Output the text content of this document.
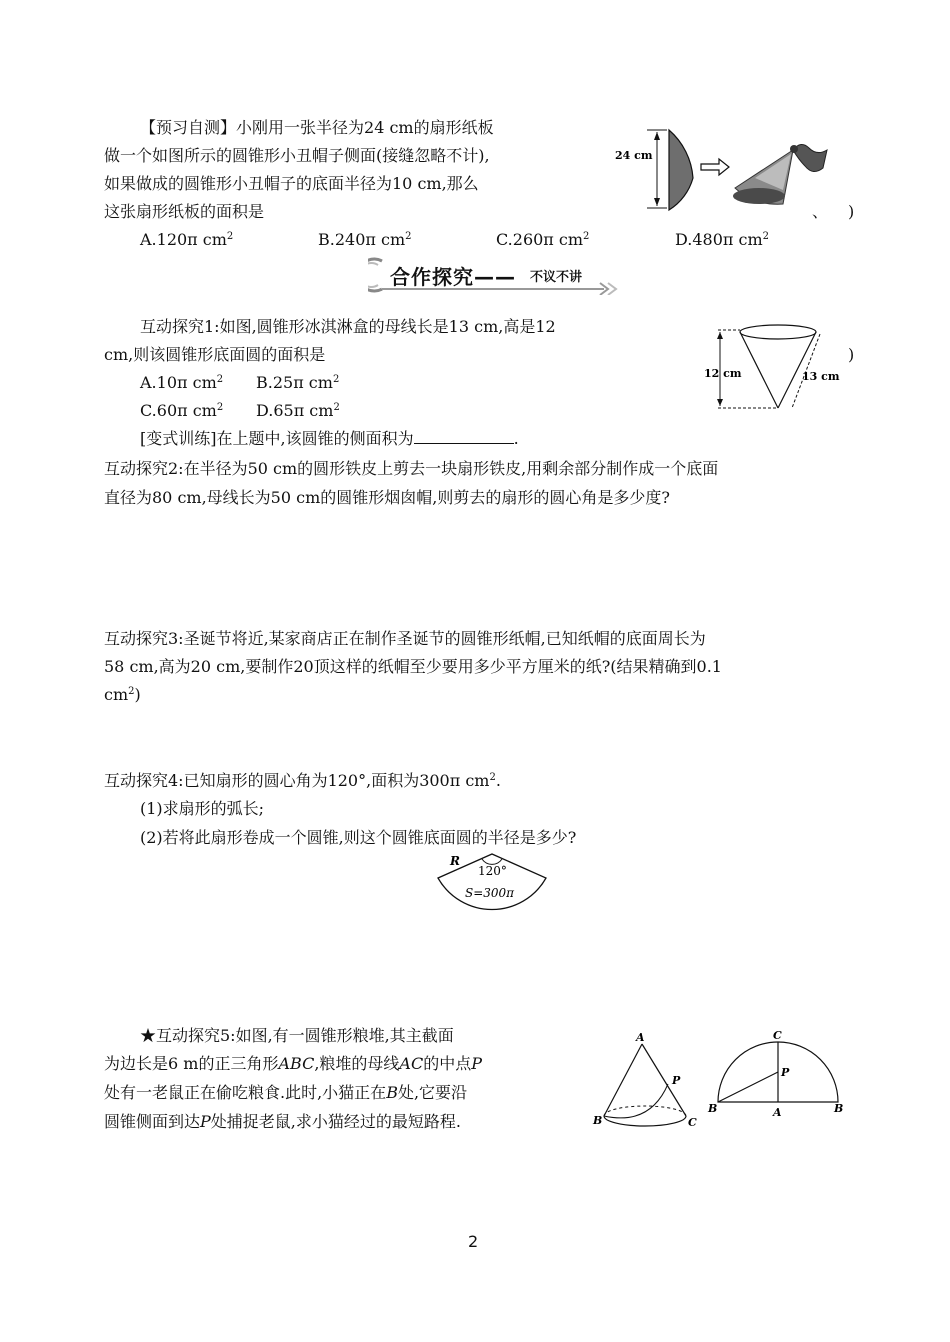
【预习自测】小刚用一张半径为24 cm的扇形纸板
做一个如图所示的圆锥形小丑帽子侧面(接缝忽略不计),
如果做成的圆锥形小丑帽子的底面半径为10 cm,那么
这张扇形纸板的面积是	、 )
A.120π $cm^2$	B.240π $cm^2$	C.260π $cm^2$	D.480π $cm^2$
24 cm
合作探究—— 不议不讲
互动探究1:如图,圆锥形冰淇淋盒的母线长是13 cm,高是12
cm,则该圆锥形底面圆的面积是	)
A.10π $cm^2$ B.25π $cm^2$
C.60π $cm^2$ D.65π $cm^2$
[变式训练]在上题中,该圆锥的侧面积为	.
12 cm	13 cm
互动探究2:在半径为50 cm的圆形铁皮上剪去一块扇形铁皮,用剩余部分制作成一个底面
直径为80 cm,母线长为50 cm的圆锥形烟囱帽,则剪去的扇形的圆心角是多少度?
互动探究3:圣诞节将近,某家商店正在制作圣诞节的圆锥形纸帽,已知纸帽的底面周长为
58 cm,高为20 cm,要制作20顶这样的纸帽至少要用多少平方厘米的纸?(结果精确到0.1
$cm^2$)
互动探究4:已知扇形的圆心角为120°,面积为300π $cm^2$.
(1)求扇形的弧长;
(2)若将此扇形卷成一个圆锥,则这个圆锥底面圆的半径是多少?
R
120°
S=300π
★互动探究5:如图,有一圆锥形粮堆,其主截面
为边长是6 m的正三角形ABC,粮堆的母线AC的中点P
处有一老鼠正在偷吃粮食.此时,小猫正在B处,它要沿
圆锥侧面到达P处捕捉老鼠,求小猫经过的最短路程.
A
B	C
P
C
P
B	A	B
2
